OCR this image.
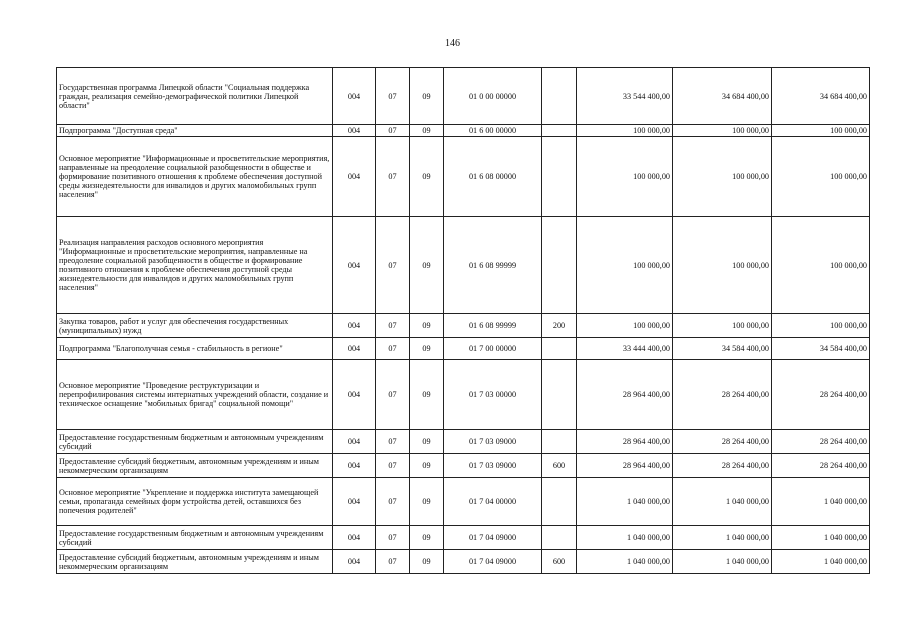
146
Государственная программа Липецкой области "Социальная поддержка граждан, реализация семейно-демографической политики Липецкой области"	004	07	09	01 0 00 00000		33 544 400,00	34 684 400,00	34 684 400,00
Подпрограмма "Доступная среда"	004	07	09	01 6 00 00000		100 000,00	100 000,00	100 000,00
Основное мероприятие "Информационные и просветительские мероприятия, направленные на преодоление социальной разобщенности в обществе и формирование позитивного отношения к проблеме обеспечения доступной среды жизнедеятельности для инвалидов и других маломобильных групп населения"	004	07	09	01 6 08 00000		100 000,00	100 000,00	100 000,00
Реализация направления расходов основного мероприятия "Информационные и просветительские мероприятия, направленные на преодоление социальной разобщенности в обществе и формирование позитивного отношения к проблеме обеспечения доступной среды жизнедеятельности для инвалидов и других маломобильных групп населения"	004	07	09	01 6 08 99999		100 000,00	100 000,00	100 000,00
Закупка товаров, работ и услуг для обеспечения государственных (муниципальных) нужд	004	07	09	01 6 08 99999	200	100 000,00	100 000,00	100 000,00
Подпрограмма "Благополучная семья - стабильность в регионе"	004	07	09	01 7 00 00000		33 444 400,00	34 584 400,00	34 584 400,00
Основное мероприятие "Проведение реструктуризации и перепрофилирования системы интернатных учреждений области, создание и техническое оснащение "мобильных бригад" социальной помощи"	004	07	09	01 7 03 00000		28 964 400,00	28 264 400,00	28 264 400,00
Предоставление государственным бюджетным и автономным учреждениям субсидий	004	07	09	01 7 03 09000		28 964 400,00	28 264 400,00	28 264 400,00
Предоставление субсидий бюджетным, автономным учреждениям и иным некоммерческим организациям	004	07	09	01 7 03 09000	600	28 964 400,00	28 264 400,00	28 264 400,00
Основное мероприятие "Укрепление и поддержка института замещающей семьи, пропаганда семейных форм устройства детей, оставшихся без попечения родителей"	004	07	09	01 7 04 00000		1 040 000,00	1 040 000,00	1 040 000,00
Предоставление государственным бюджетным и автономным учреждениям субсидий	004	07	09	01 7 04 09000		1 040 000,00	1 040 000,00	1 040 000,00
Предоставление субсидий бюджетным, автономным учреждениям и иным некоммерческим организациям	004	07	09	01 7 04 09000	600	1 040 000,00	1 040 000,00	1 040 000,00
